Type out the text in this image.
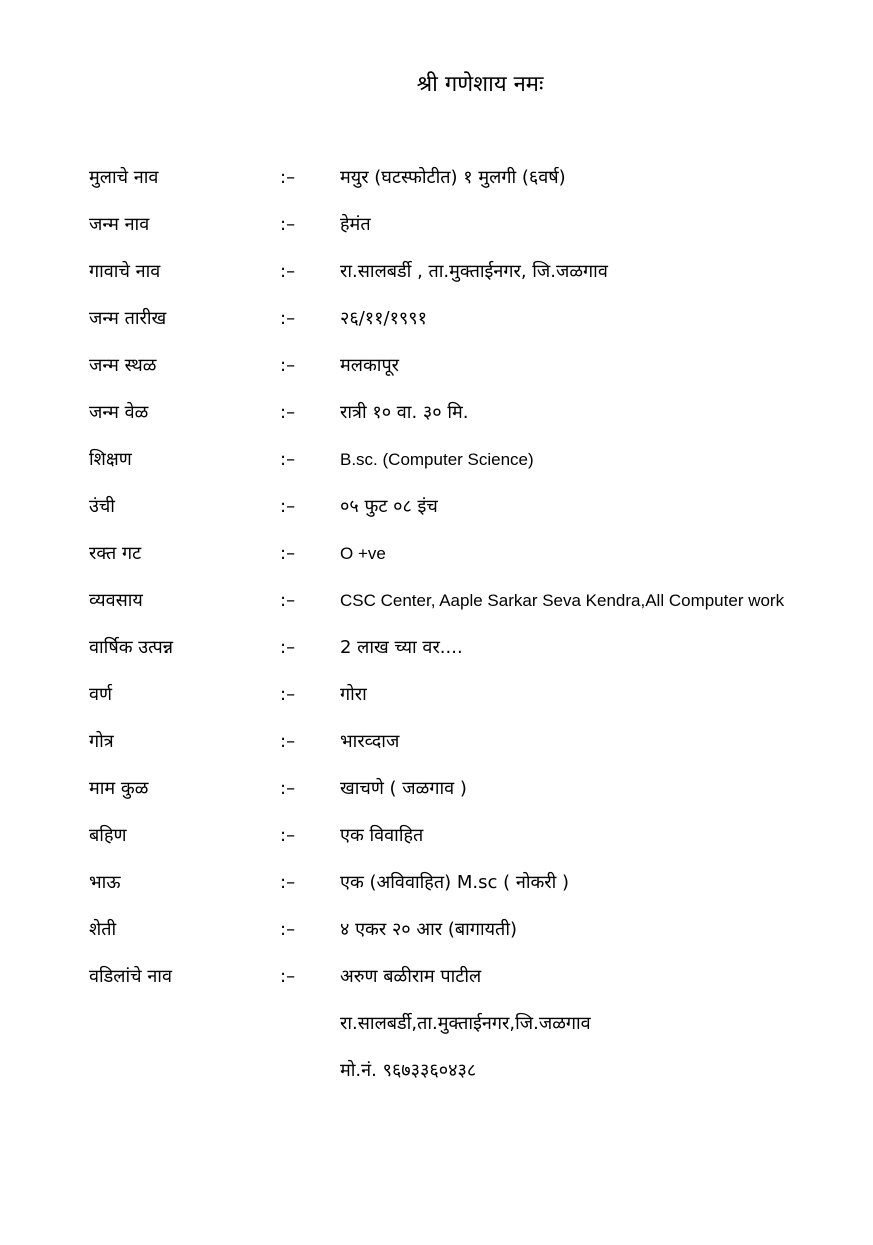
श्री गणेशाय नमः
मुलाचे नाव	:– मयुर (घटस्फोटीत) १ मुलगी (६वर्ष)
जन्म नाव	:– हेमंत
गावाचे नाव	:– रा.सालबर्डी , ता.मुक्ताईनगर, जि.जळगाव
जन्म तारीख	:– २६/११/१९९१
जन्म स्थळ	:– मलकापूर
जन्म वेळ	:– रात्री १० वा. ३० मि.
शिक्षण	:–	B.sc. (Computer Science)
उंची	:– ०५ फुट ०८ इंच
रक्त गट	:–	O +ve
व्यवसाय	:–	CSC Center, Aaple Sarkar Seva Kendra,All Computer work
वार्षिक उत्पन्न	:– 2 लाख च्या वर....
वर्ण	:– गोरा
गोत्र	:– भारव्दाज
माम कुळ	:– खाचणे ( जळगाव )
बहिण	:– एक विवाहित
भाऊ	:– एक (अविवाहित) M.sc ( नोकरी )
शेती	:– ४ एकर २० आर (बागायती)
वडिलांचे नाव	:– अरुण बळीराम पाटील
रा.सालबर्डी,ता.मुक्ताईनगर,जि.जळगाव
मो.नं. ९६७३३६०४३८
